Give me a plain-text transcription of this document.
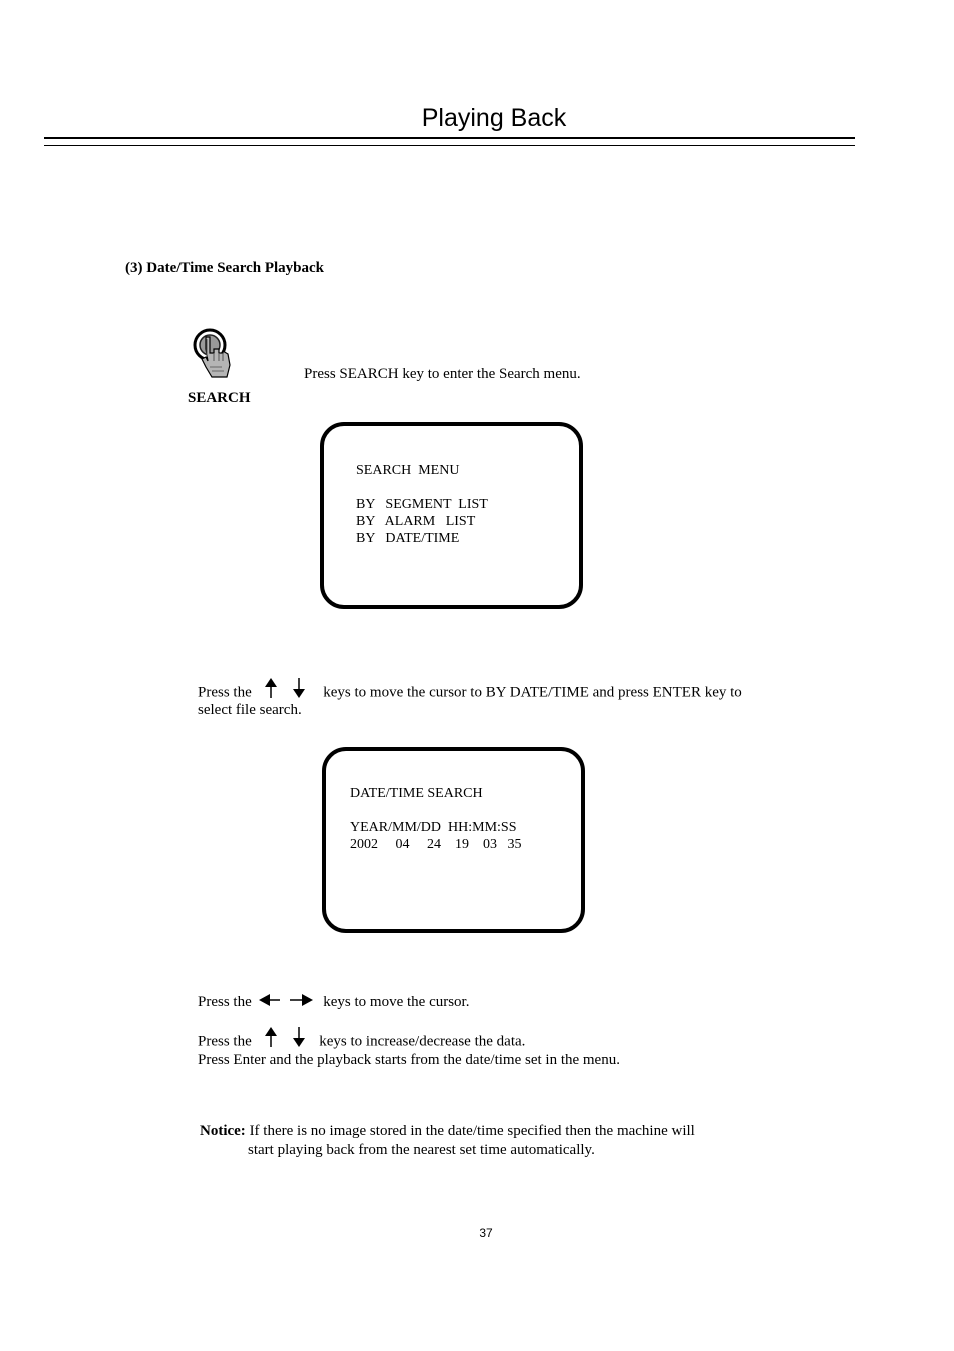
Playing Back
(3) Date/Time Search Playback
SEARCH
Press SEARCH key to enter the Search menu.
SEARCH  MENU
BY   SEGMENT  LIST
BY   ALARM   LIST
BY   DATE/TIME
Press the	keys to move the cursor to BY DATE/TIME and press ENTER key to
select file search.
DATE/TIME SEARCH
YEAR/MM/DD  HH:MM:SS
2002     04     24    19    03   35
Press the	keys to move the cursor.
Press the	keys to increase/decrease the data.
Press Enter and the playback starts from the date/time set in the menu.
Notice: If there is no image stored in the date/time specified then the machine will
start playing back from the nearest set time automatically.
37
